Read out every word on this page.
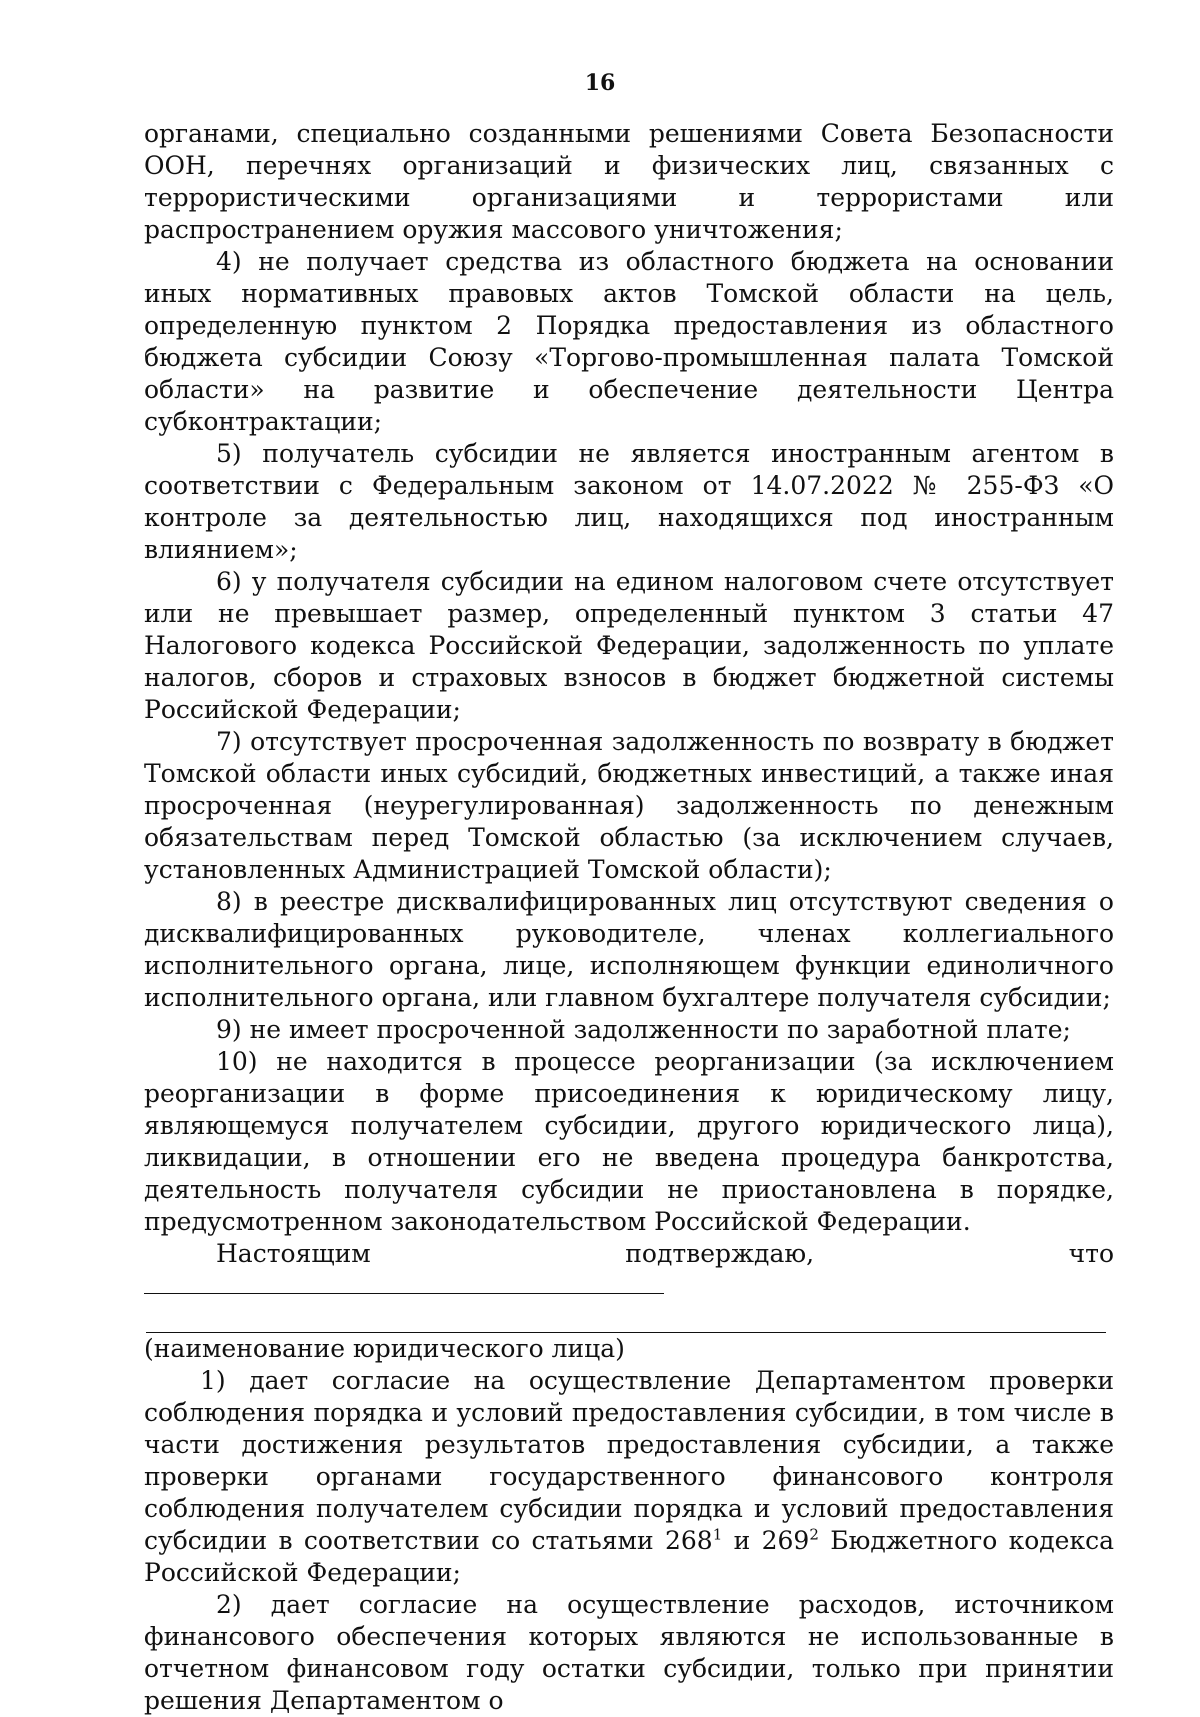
16

органами, специально созданными решениями Совета Безопасности ООН, перечнях организаций и физических лиц, связанных с террористическими организациями и террористами или распространением оружия массового уничтожения;

4) не получает средства из областного бюджета на основании иных нормативных правовых актов Томской области на цель, определенную пунктом 2 Порядка предоставления из областного бюджета субсидии Союзу «Торгово-промышленная палата Томской области» на развитие и обеспечение деятельности Центра субконтрактации;

5) получатель субсидии не является иностранным агентом в соответствии с Федеральным законом от 14.07.2022 № 255-ФЗ «О контроле за деятельностью лиц, находящихся под иностранным влиянием»;

6) у получателя субсидии на едином налоговом счете отсутствует или не превышает размер, определенный пунктом 3 статьи 47 Налогового кодекса Российской Федерации, задолженность по уплате налогов, сборов и страховых взносов в бюджет бюджетной системы Российской Федерации;

7) отсутствует просроченная задолженность по возврату в бюджет Томской области иных субсидий, бюджетных инвестиций, а также иная просроченная (неурегулированная) задолженность по денежным обязательствам перед Томской областью (за исключением случаев, установленных Администрацией Томской области);

8) в реестре дисквалифицированных лиц отсутствуют сведения о дисквалифицированных руководителе, членах коллегиального исполнительного органа, лице, исполняющем функции единоличного исполнительного органа, или главном бухгалтере получателя субсидии;

9) не имеет просроченной задолженности по заработной плате;

10) не находится в процессе реорганизации (за исключением реорганизации в форме присоединения к юридическому лицу, являющемуся получателем субсидии, другого юридического лица), ликвидации, в отношении его не введена процедура банкротства, деятельность получателя субсидии не приостановлена в порядке, предусмотренном законодательством Российской Федерации.

Настоящим подтверждаю, что

(наименование юридического лица)

1) дает согласие на осуществление Департаментом проверки соблюдения порядка и условий предоставления субсидии, в том числе в части достижения результатов предоставления субсидии, а также проверки органами государственного финансового контроля соблюдения получателем субсидии порядка и условий предоставления субсидии в соответствии со статьями $268^1$ и $269^2$ Бюджетного кодекса Российской Федерации;

2) дает согласие на осуществление расходов, источником финансового обеспечения которых являются не использованные в отчетном финансовом году остатки субсидии, только при принятии решения Департаментом о
